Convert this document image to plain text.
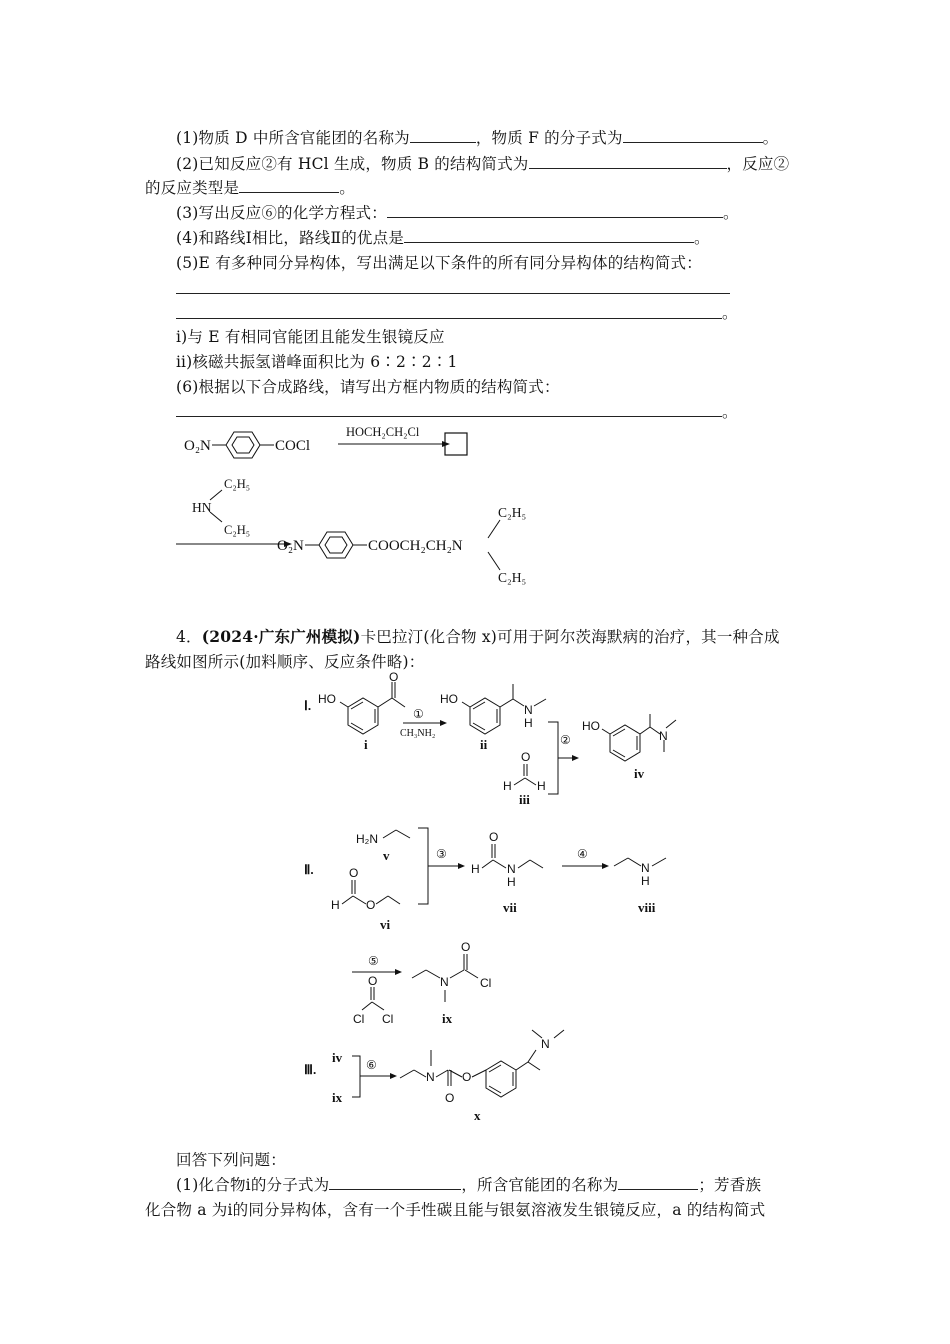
(1)物质 D 中所含官能团的名称为	，物质 F 的分子式为	。
(2)已知反应②有 HCl 生成，物质 B 的结构简式为	，反应②
的反应类型是	。
(3)写出反应⑥的化学方程式：	。
(4)和路线Ⅰ相比，路线Ⅱ的优点是	。
(5)E 有多种同分异构体，写出满足以下条件的所有同分异构体的结构简式：
。
ⅰ)与 E 有相同官能团且能发生银镜反应
ⅱ)核磁共振氢谱峰面积比为 6∶2∶2∶1
(6)根据以下合成路线，请写出方框内物质的结构简式：
。
O₂N	COCl
HOCH₂CH₂Cl
HN
C₂H₅
C₂H₅
O₂N	COOCH₂CH₂N
C₂H₅
C₂H₅
4．(2024·广东广州模拟)卡巴拉汀(化合物 x)可用于阿尔茨海默病的治疗，其一种合成
路线如图所示(加料顺序、反应条件略)：
Ⅰ. HO
O
i
①
CH₃NH₂
HO
N
H
ii
O
H H
iii
②
HO
N
iv
Ⅱ.
H₂N
v
O
H O
vi
③
O
H N
H
vii
④
N
H
viii
⑤
O
Cl Cl
N
O
Cl
ix
Ⅲ.
iv
ix
⑥
N
O
O
N
x
回答下列问题：
(1)化合物ⅰ的分子式为	，所含官能团的名称为	；芳香族
化合物 a 为ⅰ的同分异构体，含有一个手性碳且能与银氨溶液发生银镜反应，a 的结构简式
